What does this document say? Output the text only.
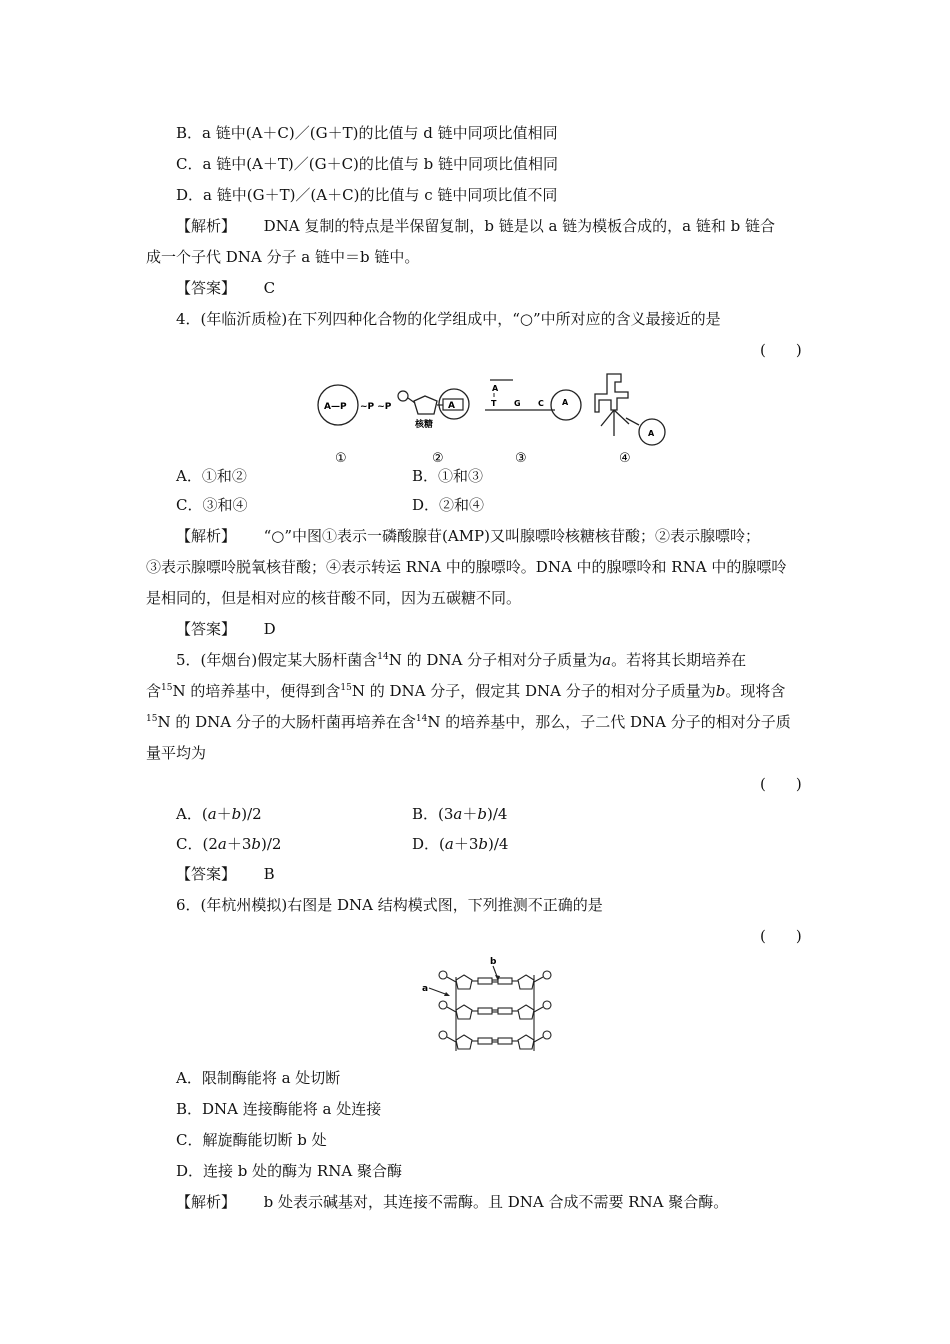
B．a 链中(A＋C)／(G＋T)的比值与 d 链中同项比值相同
C．a 链中(A＋T)／(G＋C)的比值与 b 链中同项比值相同
D．a 链中(G＋T)／(A＋C)的比值与 c 链中同项比值不同
【解析】 DNA 复制的特点是半保留复制，b 链是以 a 链为模板合成的，a 链和 b 链合
成一个子代 DNA 分子 a 链中＝b 链中。
【答案】 C
4．(年临沂质检)在下列四种化合物的化学组成中，“○”中所对应的含义最接近的是
(　　)
A—P ~P ~P	A
核糖
A
T G C A
A
①	②	③	④
A．①和②	B．①和③
C．③和④	D．②和④
【解析】 “○”中图①表示一磷酸腺苷(AMP)又叫腺嘌呤核糖核苷酸；②表示腺嘌呤；
③表示腺嘌呤脱氧核苷酸；④表示转运 RNA 中的腺嘌呤。DNA 中的腺嘌呤和 RNA 中的腺嘌呤
是相同的，但是相对应的核苷酸不同，因为五碳糖不同。
【答案】 D
5．(年烟台)假定某大肠杆菌含$^{14}$N 的 DNA 分子相对分子质量为a。若将其长期培养在
含$^{15}$N 的培养基中，便得到含$^{15}$N 的 DNA 分子，假定其 DNA 分子的相对分子质量为b。现将含
$^{15}$N 的 DNA 分子的大肠杆菌再培养在含$^{14}$N 的培养基中，那么，子二代 DNA 分子的相对分子质
量平均为
(　　)
A．(a＋b)/2	B．(3a＋b)/4
C．(2a＋3b)/2	D．(a＋3b)/4
【答案】 B
6．(年杭州模拟)右图是 DNA 结构模式图，下列推测不正确的是
(　　)
b
a
A．限制酶能将 a 处切断
B．DNA 连接酶能将 a 处连接
C．解旋酶能切断 b 处
D．连接 b 处的酶为 RNA 聚合酶
【解析】 b 处表示碱基对，其连接不需酶。且 DNA 合成不需要 RNA 聚合酶。
